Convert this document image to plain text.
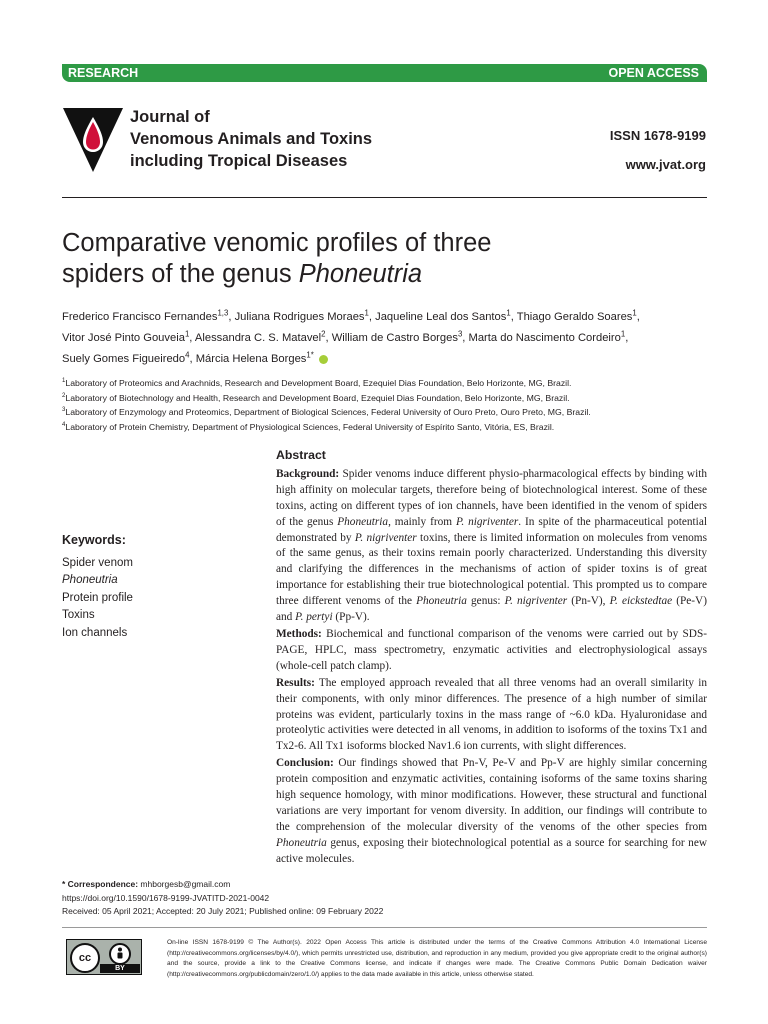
RESEARCH	OPEN ACCESS
Journal of
Venomous Animals and Toxins
including Tropical Diseases
ISSN 1678-9199
www.jvat.org
Comparative venomic profiles of three
spiders of the genus Phoneutria
Frederico Francisco Fernandes$^{1,3}$, Juliana Rodrigues Moraes$^1$, Jaqueline Leal dos Santos$^1$, Thiago Geraldo Soares$^1$,
Vitor José Pinto Gouveia$^1$, Alessandra C. S. Matavel$^2$, William de Castro Borges$^3$, Marta do Nascimento Cordeiro$^1$,
Suely Gomes Figueiredo$^4$, Márcia Helena Borges$^{1*}$
$^1$Laboratory of Proteomics and Arachnids, Research and Development Board, Ezequiel Dias Foundation, Belo Horizonte, MG, Brazil.
$^2$Laboratory of Biotechnology and Health, Research and Development Board, Ezequiel Dias Foundation, Belo Horizonte, MG, Brazil.
$^3$Laboratory of Enzymology and Proteomics, Department of Biological Sciences, Federal University of Ouro Preto, Ouro Preto, MG, Brazil.
$^4$Laboratory of Protein Chemistry, Department of Physiological Sciences, Federal University of Espírito Santo, Vitória, ES, Brazil.
Keywords:
Spider venom
Phoneutria
Protein profile
Toxins
Ion channels
Abstract

Background: Spider venoms induce different physio-pharmacological effects by binding with high affinity on molecular targets, therefore being of biotechnological interest. Some of these toxins, acting on different types of ion channels, have been identified in the venom of spiders of the genus Phoneutria, mainly from P. nigriventer. In spite of the pharmaceutical potential demonstrated by P. nigriventer toxins, there is limited information on molecules from venoms of the same genus, as their toxins remain poorly characterized. Understanding this diversity and clarifying the differences in the mechanisms of action of spider toxins is of great importance for establishing their true biotechnological potential. This prompted us to compare three different venoms of the Phoneutria genus: P. nigriventer (Pn-V), P. eickstedtae (Pe-V) and P. pertyi (Pp-V).

Methods: Biochemical and functional comparison of the venoms were carried out by SDS-PAGE, HPLC, mass spectrometry, enzymatic activities and electrophysiological assays (whole-cell patch clamp).

Results: The employed approach revealed that all three venoms had an overall similarity in their components, with only minor differences. The presence of a high number of similar proteins was evident, particularly toxins in the mass range of ~6.0 kDa. Hyaluronidase and proteolytic activities were detected in all venoms, in addition to isoforms of the toxins Tx1 and Tx2-6. All Tx1 isoforms blocked Nav1.6 ion currents, with slight differences.

Conclusion: Our findings showed that Pn-V, Pe-V and Pp-V are highly similar concerning protein composition and enzymatic activities, containing isoforms of the same toxins sharing high sequence homology, with minor modifications. However, these structural and functional variations are very important for venom diversity. In addition, our findings will contribute to the comprehension of the molecular diversity of the venoms of the other species from Phoneutria genus, exposing their biotechnological potential as a source for searching for new active molecules.

* Correspondence: mhborgesb@gmail.com
https://doi.org/10.1590/1678-9199-JVATITD-2021-0042
Received: 05 April 2021; Accepted: 20 July 2021; Published online: 09 February 2022
cc
BY
On-line ISSN 1678-9199 © The Author(s). 2022 Open Access This article is distributed under the terms of the Creative Commons Attribution 4.0 International License (http://creativecommons.org/licenses/by/4.0/), which permits unrestricted use, distribution, and reproduction in any medium, provided you give appropriate credit to the original author(s) and the source, provide a link to the Creative Commons license, and indicate if changes were made. The Creative Commons Public Domain Dedication waiver (http://creativecommons.org/publicdomain/zero/1.0/) applies to the data made available in this article, unless otherwise stated.
